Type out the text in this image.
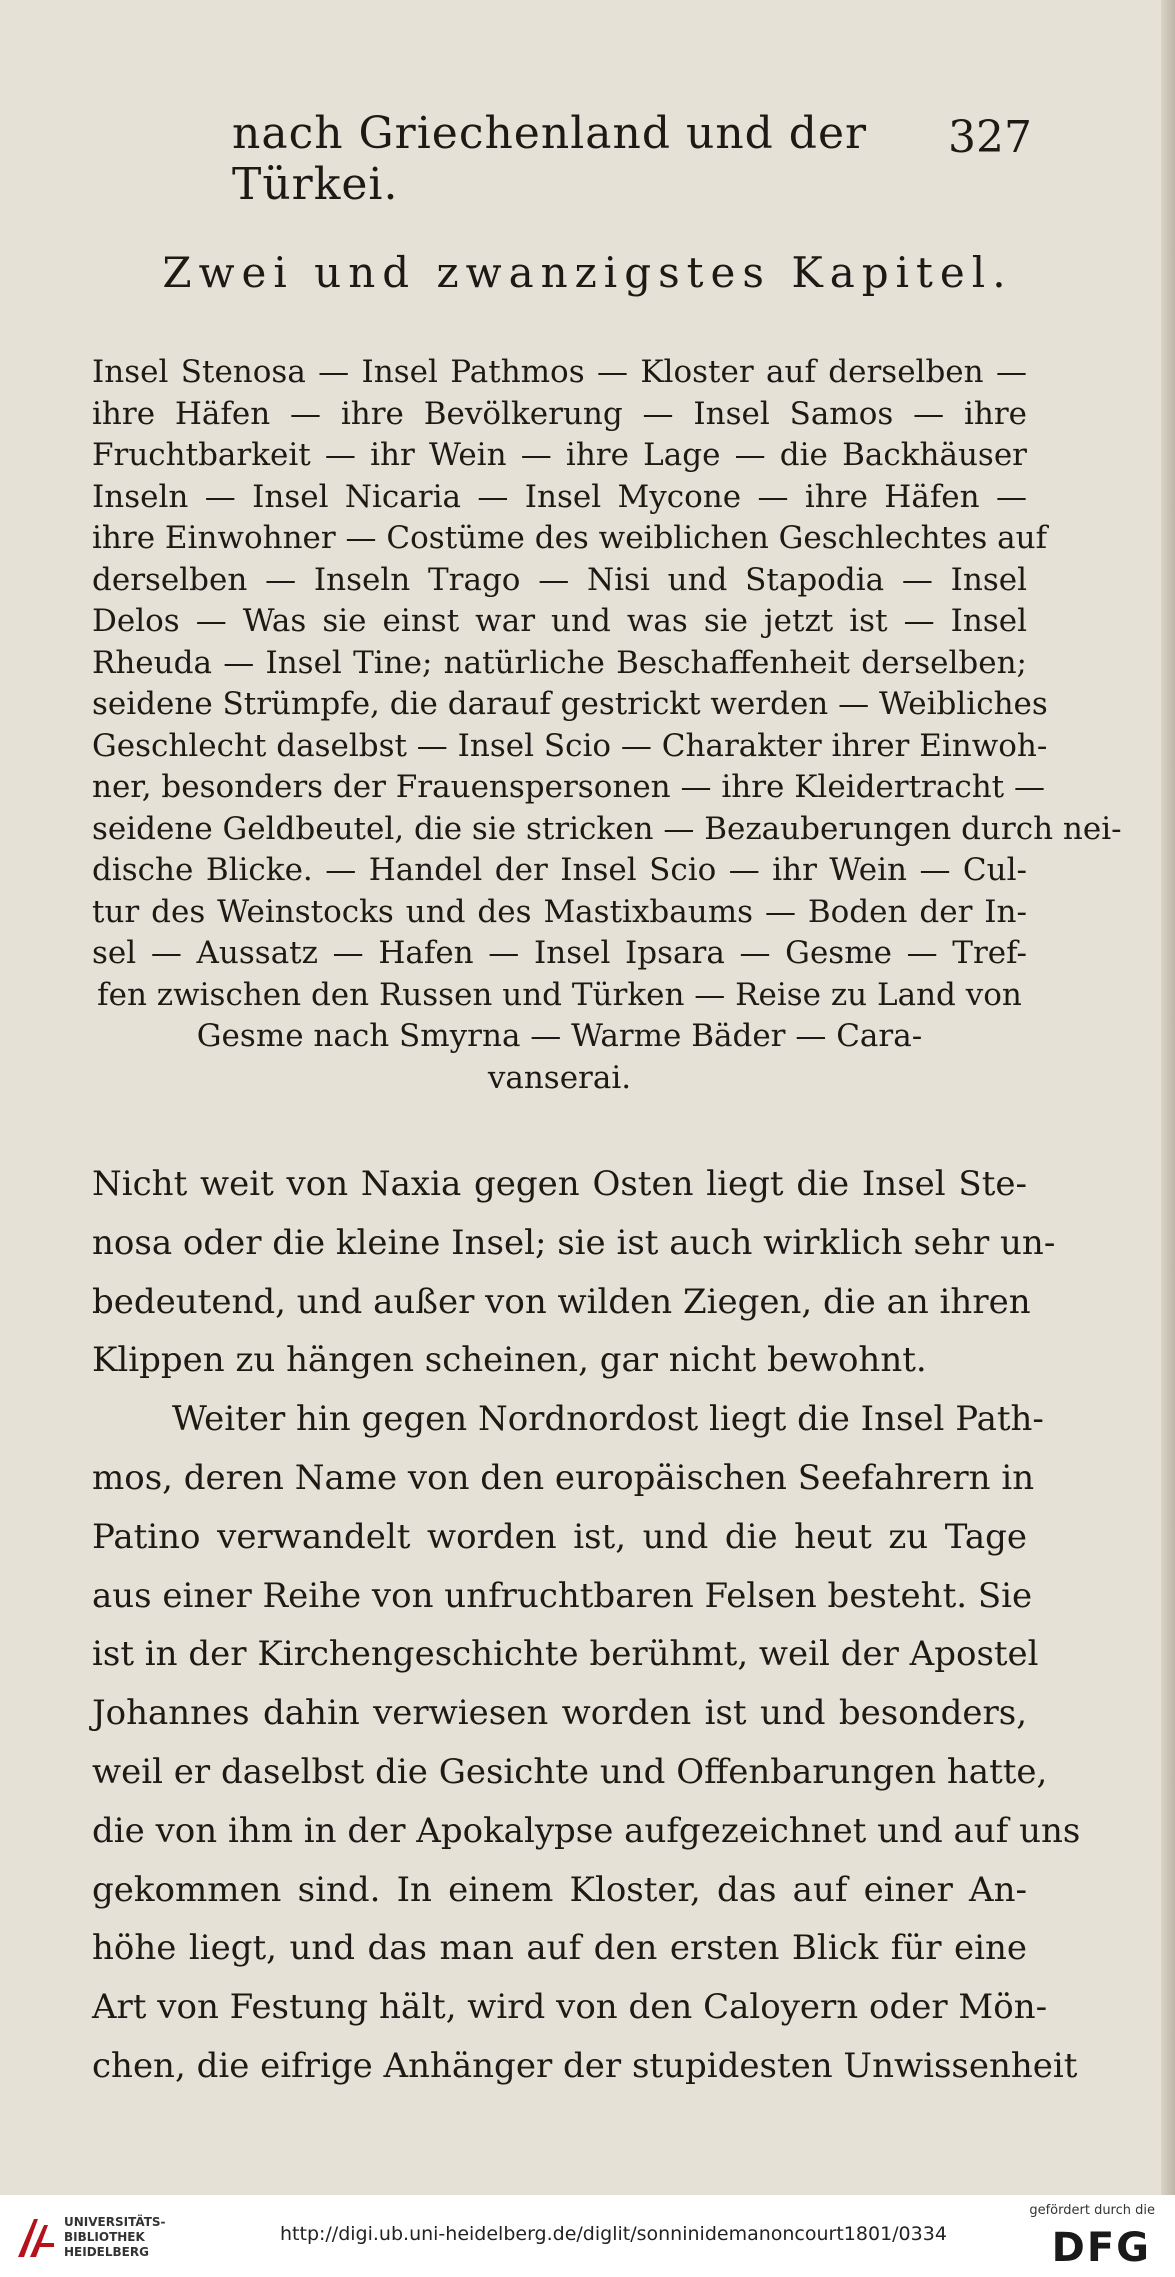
nach Griechenland und der Türkei.
327
Zwei und zwanzigstes Kapitel.
Insel Stenosa — Insel Pathmos — Kloster auf derselben —
ihre Häfen — ihre Bevölkerung — Insel Samos — ihre
Fruchtbarkeit — ihr Wein — ihre Lage — die Backhäuser
Inseln — Insel Nicaria — Insel Mycone — ihre Häfen —
ihre Einwohner — Costüme des weiblichen Geschlechtes auf
derselben — Inseln Trago — Nisi und Stapodia — Insel
Delos — Was sie einst war und was sie jetzt ist — Insel
Rheuda — Insel Tine; natürliche Beschaffenheit derselben;
seidene Strümpfe, die darauf gestrickt werden — Weibliches
Geschlecht daselbst — Insel Scio — Charakter ihrer Einwoh-
ner, besonders der Frauenspersonen — ihre Kleidertracht —
seidene Geldbeutel, die sie stricken — Bezauberungen durch nei-
dische Blicke. — Handel der Insel Scio — ihr Wein — Cul-
tur des Weinstocks und des Mastixbaums — Boden der In-
sel — Aussatz — Hafen — Insel Ipsara — Gesme — Tref-
fen zwischen den Russen und Türken — Reise zu Land von
Gesme nach Smyrna — Warme Bäder — Cara-
vanserai.
Nicht weit von Naxia gegen Osten liegt die Insel Ste-
nosa oder die kleine Insel; sie ist auch wirklich sehr un-
bedeutend, und außer von wilden Ziegen, die an ihren
Klippen zu hängen scheinen, gar nicht bewohnt.
Weiter hin gegen Nordnordost liegt die Insel Path-
mos, deren Name von den europäischen Seefahrern in
Patino verwandelt worden ist, und die heut zu Tage
aus einer Reihe von unfruchtbaren Felsen besteht. Sie
ist in der Kirchengeschichte berühmt, weil der Apostel
Johannes dahin verwiesen worden ist und besonders,
weil er daselbst die Gesichte und Offenbarungen hatte,
die von ihm in der Apokalypse aufgezeichnet und auf uns
gekommen sind. In einem Kloster, das auf einer An-
höhe liegt, und das man auf den ersten Blick für eine
Art von Festung hält, wird von den Caloyern oder Mön-
chen, die eifrige Anhänger der stupidesten Unwissenheit
UNIVERSITÄTS-
BIBLIOTHEK
HEIDELBERG
http://digi.ub.uni-heidelberg.de/diglit/sonninidemanoncourt1801/0334
gefördert durch die
DFG
